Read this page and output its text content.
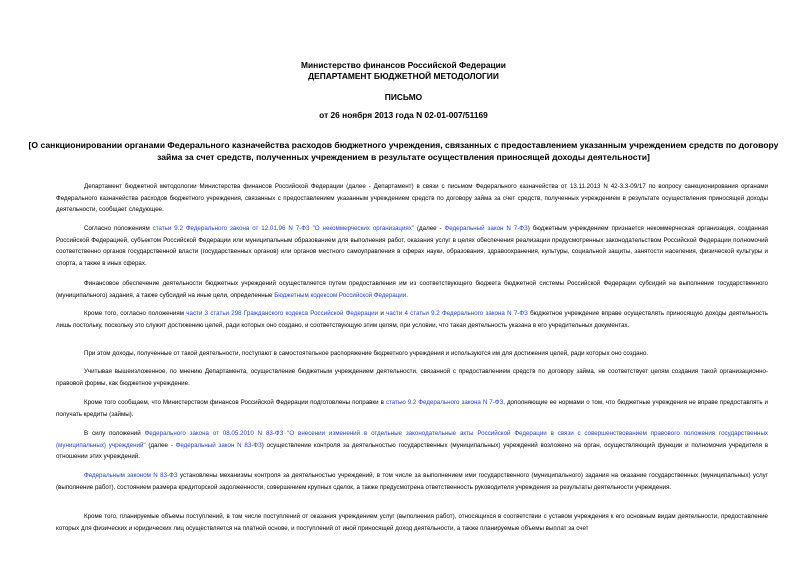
Министерство финансов Российской Федерации
ДЕПАРТАМЕНТ БЮДЖЕТНОЙ МЕТОДОЛОГИИ
ПИСЬМО
от 26 ноября 2013 года N 02-01-007/51169
[О санкционировании органами Федерального казначейства расходов бюджетного учреждения, связанных с предоставлением указанным учреждением средств по договору займа за счет средств, полученных учреждением в результате осуществления приносящей доходы деятельности]

Департамент бюджетной методологии Министерства финансов Российской Федерации (далее - Департамент) в связи с письмом Федерального казначейства от 13.11.2013 N 42-3.3-09/17 по вопросу санкционирования органами Федерального казначейства расходов бюджетного учреждения, связанных с предоставлением указанным учреждением средств по договору займа за счет средств, полученных учреждением в результате осуществления приносящей доходы деятельности, сообщает следующее.

Согласно положениям статьи 9.2 Федерального закона от 12.01.96 N 7-ФЗ "О некоммерческих организациях" (далее - Федеральный закон N 7-ФЗ) бюджетным учреждением признается некоммерческая организация, созданная Российской Федерацией, субъектом Российской Федерации или муниципальным образованием для выполнения работ, оказания услуг в целях обеспечения реализации предусмотренных законодательством Российской Федерации полномочий соответственно органов государственной власти (государственных органов) или органов местного самоуправления в сферах науки, образования, здравоохранения, культуры, социальной защиты, занятости населения, физической культуры и спорта, а также в иных сферах.

Финансовое обеспечение деятельности бюджетных учреждений осуществляется путем предоставления им из соответствующего бюджета бюджетной системы Российской Федерации субсидий на выполнение государственного (муниципального) задания, а также субсидий на иные цели, определенные Бюджетным кодексом Российской Федерации.

Кроме того, согласно положениям части 3 статьи 298 Гражданского кодекса Российской Федерации и части 4 статьи 9.2 Федерального закона N 7-ФЗ бюджетное учреждение вправе осуществлять приносящую доходы деятельность лишь постольку, поскольку это служит достижению целей, ради которых оно создано, и соответствующую этим целям, при условии, что такая деятельность указана в его учредительных документах.

При этом доходы, полученные от такой деятельности, поступают в самостоятельное распоряжение бюджетного учреждения и используются им для достижения целей, ради которых оно создано.

Учитывая вышеизложенное, по мнению Департамента, осуществление бюджетным учреждением деятельности, связанной с предоставлением средств по договору займа, не соответствует целям создания такой организационно-правовой формы, как бюджетное учреждение.

Кроме того сообщаем, что Министерством финансов Российской Федерации подготовлены поправки в статью 9.2 Федерального закона N 7-ФЗ, дополняющие ее нормами о том, что бюджетные учреждения не вправе предоставлять и получать кредиты (займы).

В силу положений Федерального закона от 08.05.2010 N 83-ФЗ "О внесении изменений в отдельные законодательные акты Российской Федерации в связи с совершенствованием правового положения государственных (муниципальных) учреждений" (далее - Федеральный закон N 83-ФЗ) осуществление контроля за деятельностью государственных (муниципальных) учреждений возложено на орган, осуществляющий функции и полномочия учредителя в отношении этих учреждений.

Федеральным законом N 83-ФЗ установлены механизмы контроля за деятельностью учреждений, в том числе за выполнением ими государственного (муниципального) задания на оказание государственных (муниципальных) услуг (выполнение работ), состоянием размера кредиторской задолженности, совершением крупных сделок, а также предусмотрена ответственность руководителя учреждения за результаты деятельности учреждения.

Кроме того, планируемые объемы поступлений, в том числе поступлений от оказания учреждением услуг (выполнения работ), относящихся в соответствии с уставом учреждения к его основным видам деятельности, предоставление которых для физических и юридических лиц осуществляется на платной основе, и поступлений от иной приносящей доход деятельности, а также планируемые объемы выплат за счет
